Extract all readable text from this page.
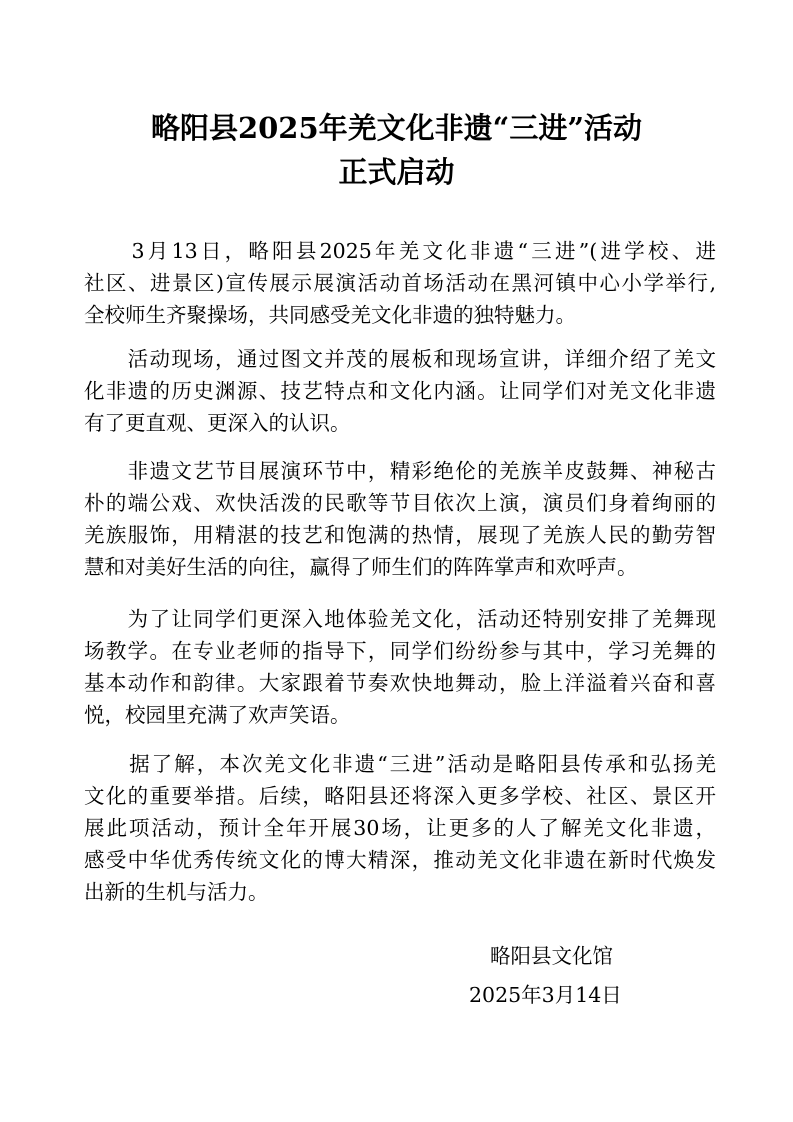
略阳县2025年羌文化非遗“三进”活动
正式启动
　　3月13日，略阳县2025年羌文化非遗“三进”(进学校、进
社区、进景区)宣传展示展演活动首场活动在黑河镇中心小学举行,
全校师生齐聚操场，共同感受羌文化非遗的独特魅力。
　　活动现场，通过图文并茂的展板和现场宣讲，详细介绍了羌文
化非遗的历史渊源、技艺特点和文化内涵。让同学们对羌文化非遗
有了更直观、更深入的认识。
　　非遗文艺节目展演环节中，精彩绝伦的羌族羊皮鼓舞、神秘古
朴的端公戏、欢快活泼的民歌等节目依次上演，演员们身着绚丽的
羌族服饰，用精湛的技艺和饱满的热情，展现了羌族人民的勤劳智
慧和对美好生活的向往，赢得了师生们的阵阵掌声和欢呼声。
　　为了让同学们更深入地体验羌文化，活动还特别安排了羌舞现
场教学。在专业老师的指导下，同学们纷纷参与其中，学习羌舞的
基本动作和韵律。大家跟着节奏欢快地舞动，脸上洋溢着兴奋和喜
悦，校园里充满了欢声笑语。
　　据了解，本次羌文化非遗“三进”活动是略阳县传承和弘扬羌
文化的重要举措。后续，略阳县还将深入更多学校、社区、景区开
展此项活动，预计全年开展30场，让更多的人了解羌文化非遗，
感受中华优秀传统文化的博大精深，推动羌文化非遗在新时代焕发
出新的生机与活力。
略阳县文化馆
2025年3月14日
